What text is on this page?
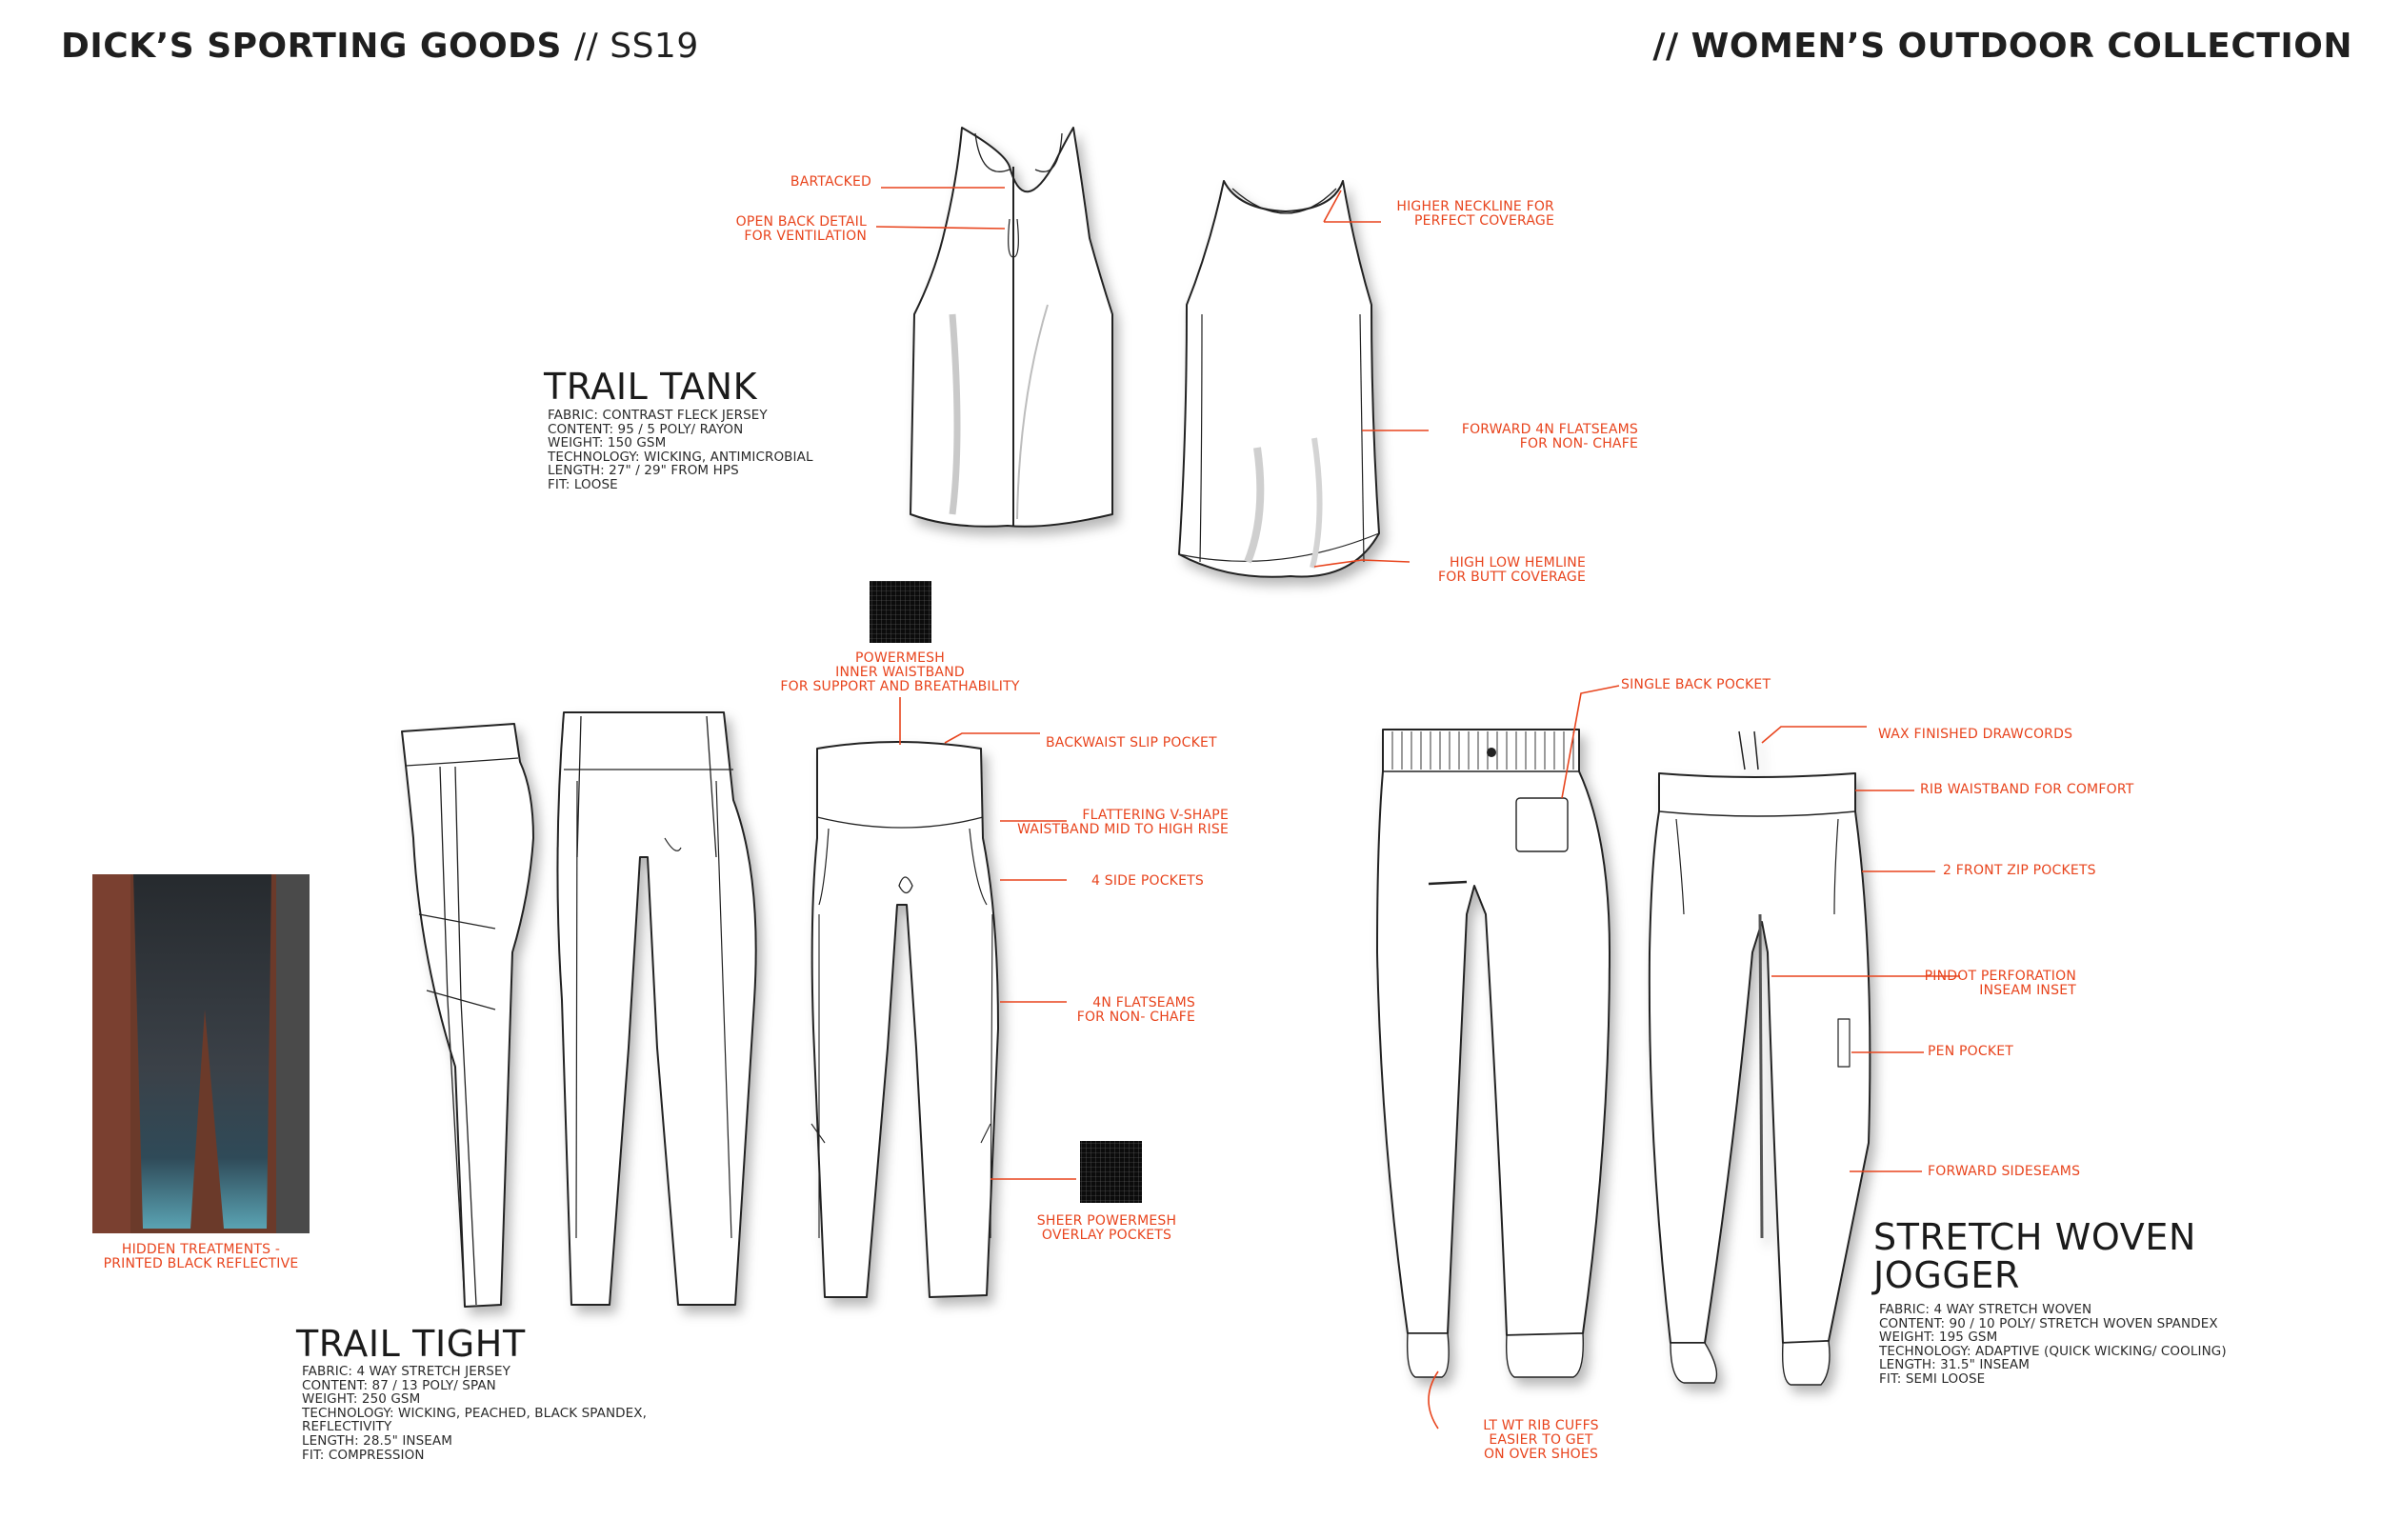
DICK’S SPORTING GOODS // SS19	// WOMEN’S OUTDOOR COLLECTION
TRAIL TANK
FABRIC: CONTRAST FLECK JERSEY
CONTENT: 95 / 5 POLY/ RAYON
WEIGHT: 150 GSM
TECHNOLOGY: WICKING, ANTIMICROBIAL
LENGTH: 27" / 29" FROM HPS
FIT: LOOSE
BARTACKED
OPEN BACK DETAIL
FOR VENTILATION
HIGHER NECKLINE FOR
PERFECT COVERAGE
FORWARD 4N FLATSEAMS
FOR NON- CHAFE
HIGH LOW HEMLINE
FOR BUTT COVERAGE
POWERMESH
INNER WAISTBAND
FOR SUPPORT AND BREATHABILITY
BACKWAIST SLIP POCKET
FLATTERING V-SHAPE
WAISTBAND MID TO HIGH RISE
4 SIDE POCKETS
4N FLATSEAMS
FOR NON- CHAFE
SHEER POWERMESH
OVERLAY POCKETS
HIDDEN TREATMENTS -
PRINTED BLACK REFLECTIVE
TRAIL TIGHT
FABRIC: 4 WAY STRETCH JERSEY
CONTENT: 87 / 13 POLY/ SPAN
WEIGHT: 250 GSM
TECHNOLOGY: WICKING, PEACHED, BLACK SPANDEX,
REFLECTIVITY
LENGTH: 28.5" INSEAM
FIT: COMPRESSION
SINGLE BACK POCKET
WAX FINISHED DRAWCORDS
RIB WAISTBAND FOR COMFORT
2 FRONT ZIP POCKETS
PINDOT PERFORATION
INSEAM INSET
PEN POCKET
FORWARD SIDESEAMS
LT WT RIB CUFFS
EASIER TO GET
ON OVER SHOES
STRETCH WOVEN
JOGGER
FABRIC: 4 WAY STRETCH WOVEN
CONTENT: 90 / 10 POLY/ STRETCH WOVEN SPANDEX
WEIGHT: 195 GSM
TECHNOLOGY: ADAPTIVE (QUICK WICKING/ COOLING)
LENGTH: 31.5" INSEAM
FIT: SEMI LOOSE
